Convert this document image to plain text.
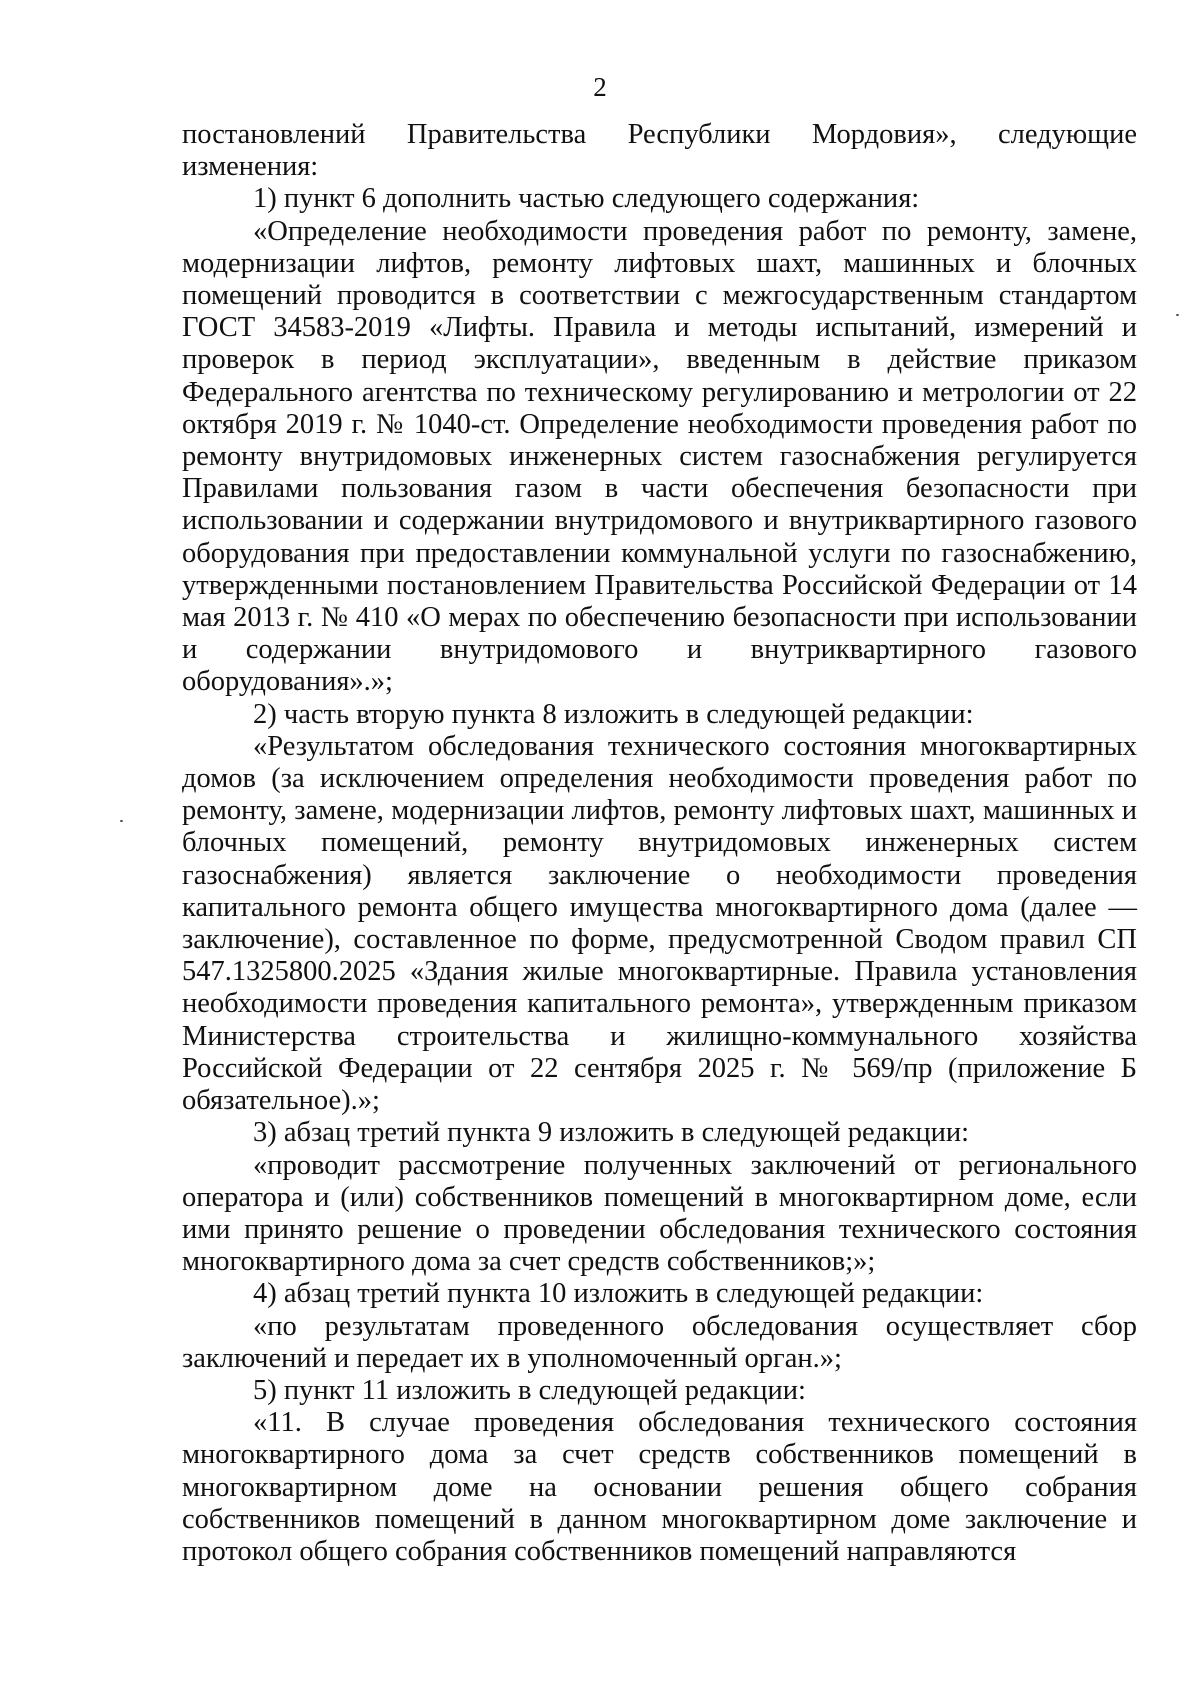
2

постановлений Правительства Республики Мордовия», следующие изменения:

1) пункт 6 дополнить частью следующего содержания:

«Определение необходимости проведения работ по ремонту, замене, модернизации лифтов, ремонту лифтовых шахт, машинных и блочных помещений проводится в соответствии с межгосударственным стандартом ГОСТ 34583-2019 «Лифты. Правила и методы испытаний, измерений и проверок в период эксплуатации», введенным в действие приказом Федерального агентства по техническому регулированию и метрологии от 22 октября 2019 г. № 1040-ст. Определение необходимости проведения работ по ремонту внутридомовых инженерных систем газоснабжения регулируется Правилами пользования газом в части обеспечения безопасности при использовании и содержании внутридомового и внутриквартирного газового оборудования при предоставлении коммунальной услуги по газоснабжению, утвержденными постановлением Правительства Российской Федерации от 14 мая 2013 г. № 410 «О мерах по обеспечению безопасности при использовании и содержании внутридомового и внутриквартирного газового оборудования».»;

2) часть вторую пункта 8 изложить в следующей редакции:

«Результатом обследования технического состояния многоквартирных домов (за исключением определения необходимости проведения работ по ремонту, замене, модернизации лифтов, ремонту лифтовых шахт, машинных и блочных помещений, ремонту внутридомовых инженерных систем газоснабжения) является заключение о необходимости проведения капитального ремонта общего имущества многоквартирного дома (далее — заключение), составленное по форме, предусмотренной Сводом правил СП 547.1325800.2025 «Здания жилые многоквартирные. Правила установления необходимости проведения капитального ремонта», утвержденным приказом Министерства строительства и жилищно-коммунального хозяйства Российской Федерации от 22 сентября 2025 г. № 569/пр (приложение Б обязательное).»;

3) абзац третий пункта 9 изложить в следующей редакции:

«проводит рассмотрение полученных заключений от регионального оператора и (или) собственников помещений в многоквартирном доме, если ими принято решение о проведении обследования технического состояния многоквартирного дома за счет средств собственников;»;

4) абзац третий пункта 10 изложить в следующей редакции:

«по результатам проведенного обследования осуществляет сбор заключений и передает их в уполномоченный орган.»;

5) пункт 11 изложить в следующей редакции:

«11. В случае проведения обследования технического состояния многоквартирного дома за счет средств собственников помещений в многоквартирном доме на основании решения общего собрания собственников помещений в данном многоквартирном доме заключение и протокол общего собрания собственников помещений направляются
